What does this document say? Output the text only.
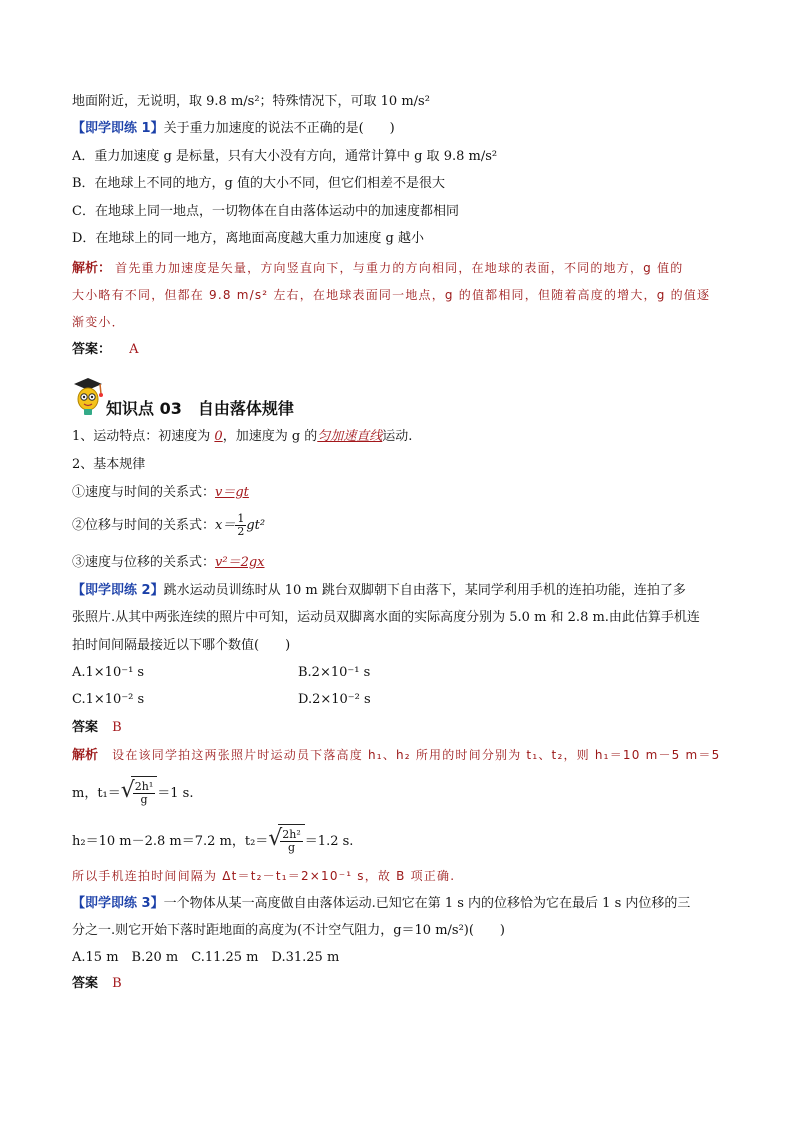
地面附近，无说明，取 9.8 m/s²；特殊情况下，可取 10 m/s²
【即学即练 1】关于重力加速度的说法不正确的是(　　)
A．重力加速度 g 是标量，只有大小没有方向，通常计算中 g 取 9.8 m/s²
B．在地球上不同的地方，g 值的大小不同，但它们相差不是很大
C．在地球上同一地点，一切物体在自由落体运动中的加速度都相同
D．在地球上的同一地方，离地面高度越大重力加速度 g 越小
解析： 首先重力加速度是矢量，方向竖直向下，与重力的方向相同，在地球的表面，不同的地方，g 值的
大小略有不同，但都在 9.8 m/s² 左右，在地球表面同一地点，g 的值都相同，但随着高度的增大，g 的值逐
渐变小．
答案： A
知识点 03　自由落体规律
1、运动特点：初速度为 0，加速度为 g 的匀加速直线运动.
2、基本规律
①速度与时间的关系式：v＝gt
②位移与时间的关系式：$x= \frac{1}{2} gt^2$
③速度与位移的关系式：v²＝2gx
【即学即练 2】跳水运动员训练时从 10 m 跳台双脚朝下自由落下，某同学利用手机的连拍功能，连拍了多
张照片.从其中两张连续的照片中可知，运动员双脚离水面的实际高度分别为 5.0 m 和 2.8 m.由此估算手机连
拍时间间隔最接近以下哪个数值(　　)
A.1×10⁻¹ s	B.2×10⁻¹ s
C.1×10⁻² s	D.2×10⁻² s
答案 B
解析 设在该同学拍这两张照片时运动员下落高度 h₁、h₂ 所用的时间分别为 t₁、t₂，则 h₁＝10 m－5 m＝5
m，t₁＝ √
$\frac{\text{2h¹}}{g} =1$ s.
h₂＝10 m－2.8 m＝7.2 m，t₂＝ √
$\frac{\text{2h²}}{g} =1.2$ s.
所以手机连拍时间间隔为 Δt＝t₂－t₁＝2×10⁻¹ s，故 B 项正确.
【即学即练 3】一个物体从某一高度做自由落体运动.已知它在第 1 s 内的位移恰为它在最后 1 s 内位移的三
分之一.则它开始下落时距地面的高度为(不计空气阻力，g＝10 m/s²)(　　)
A.15 m　B.20 m　C.11.25 m　D.31.25 m
答案 B
